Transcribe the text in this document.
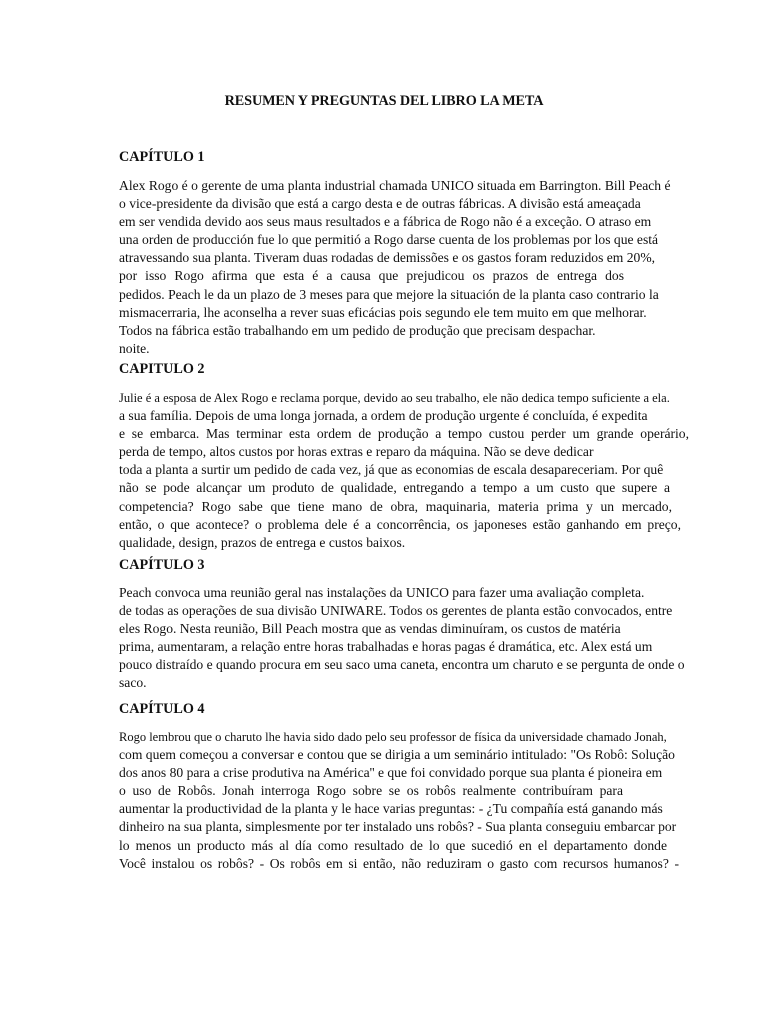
RESUMEN Y PREGUNTAS DEL LIBRO LA META
CAPÍTULO 1
Alex Rogo é o gerente de uma planta industrial chamada UNICO situada em Barrington. Bill Peach é
o vice-presidente da divisão que está a cargo desta e de outras fábricas. A divisão está ameaçada
em ser vendida devido aos seus maus resultados e a fábrica de Rogo não é a exceção. O atraso em
una orden de producción fue lo que permitió a Rogo darse cuenta de los problemas por los que está
atravessando sua planta. Tiveram duas rodadas de demissões e os gastos foram reduzidos em 20%,
por isso Rogo afirma que esta é a causa que prejudicou os prazos de entrega dos
pedidos. Peach le da un plazo de 3 meses para que mejore la situación de la planta caso contrario la
mismacerraria, lhe aconselha a rever suas eficácias pois segundo ele tem muito em que melhorar.
Todos na fábrica estão trabalhando em um pedido de produção que precisam despachar.
noite.
CAPITULO 2
Julie é a esposa de Alex Rogo e reclama porque, devido ao seu trabalho, ele não dedica tempo suficiente a ela.
a sua família. Depois de uma longa jornada, a ordem de produção urgente é concluída, é expedita
e se embarca. Mas terminar esta ordem de produção a tempo custou perder um grande operário,
perda de tempo, altos custos por horas extras e reparo da máquina. Não se deve dedicar
toda a planta a surtir um pedido de cada vez, já que as economias de escala desapareceriam. Por quê
não se pode alcançar um produto de qualidade, entregando a tempo a um custo que supere a
competencia? Rogo sabe que tiene mano de obra, maquinaria, materia prima y un mercado,
então, o que acontece? o problema dele é a concorrência, os japoneses estão ganhando em preço,
qualidade, design, prazos de entrega e custos baixos.
CAPÍTULO 3
Peach convoca uma reunião geral nas instalações da UNICO para fazer uma avaliação completa.
de todas as operações de sua divisão UNIWARE. Todos os gerentes de planta estão convocados, entre
eles Rogo. Nesta reunião, Bill Peach mostra que as vendas diminuíram, os custos de matéria
prima, aumentaram, a relação entre horas trabalhadas e horas pagas é dramática, etc. Alex está um
pouco distraído e quando procura em seu saco uma caneta, encontra um charuto e se pergunta de onde o
saco.
CAPÍTULO 4
Rogo lembrou que o charuto lhe havia sido dado pelo seu professor de física da universidade chamado Jonah,
com quem começou a conversar e contou que se dirigia a um seminário intitulado: "Os Robô: Solução
dos anos 80 para a crise produtiva na América'' e que foi convidado porque sua planta é pioneira em
o uso de Robôs. Jonah interroga Rogo sobre se os robôs realmente contribuíram para
aumentar la productividad de la planta y le hace varias preguntas: - ¿Tu compañía está ganando más
dinheiro na sua planta, simplesmente por ter instalado uns robôs? - Sua planta conseguiu embarcar por
lo menos un producto más al día como resultado de lo que sucedió en el departamento donde
Você instalou os robôs? - Os robôs em si então, não reduziram o gasto com recursos humanos? -
